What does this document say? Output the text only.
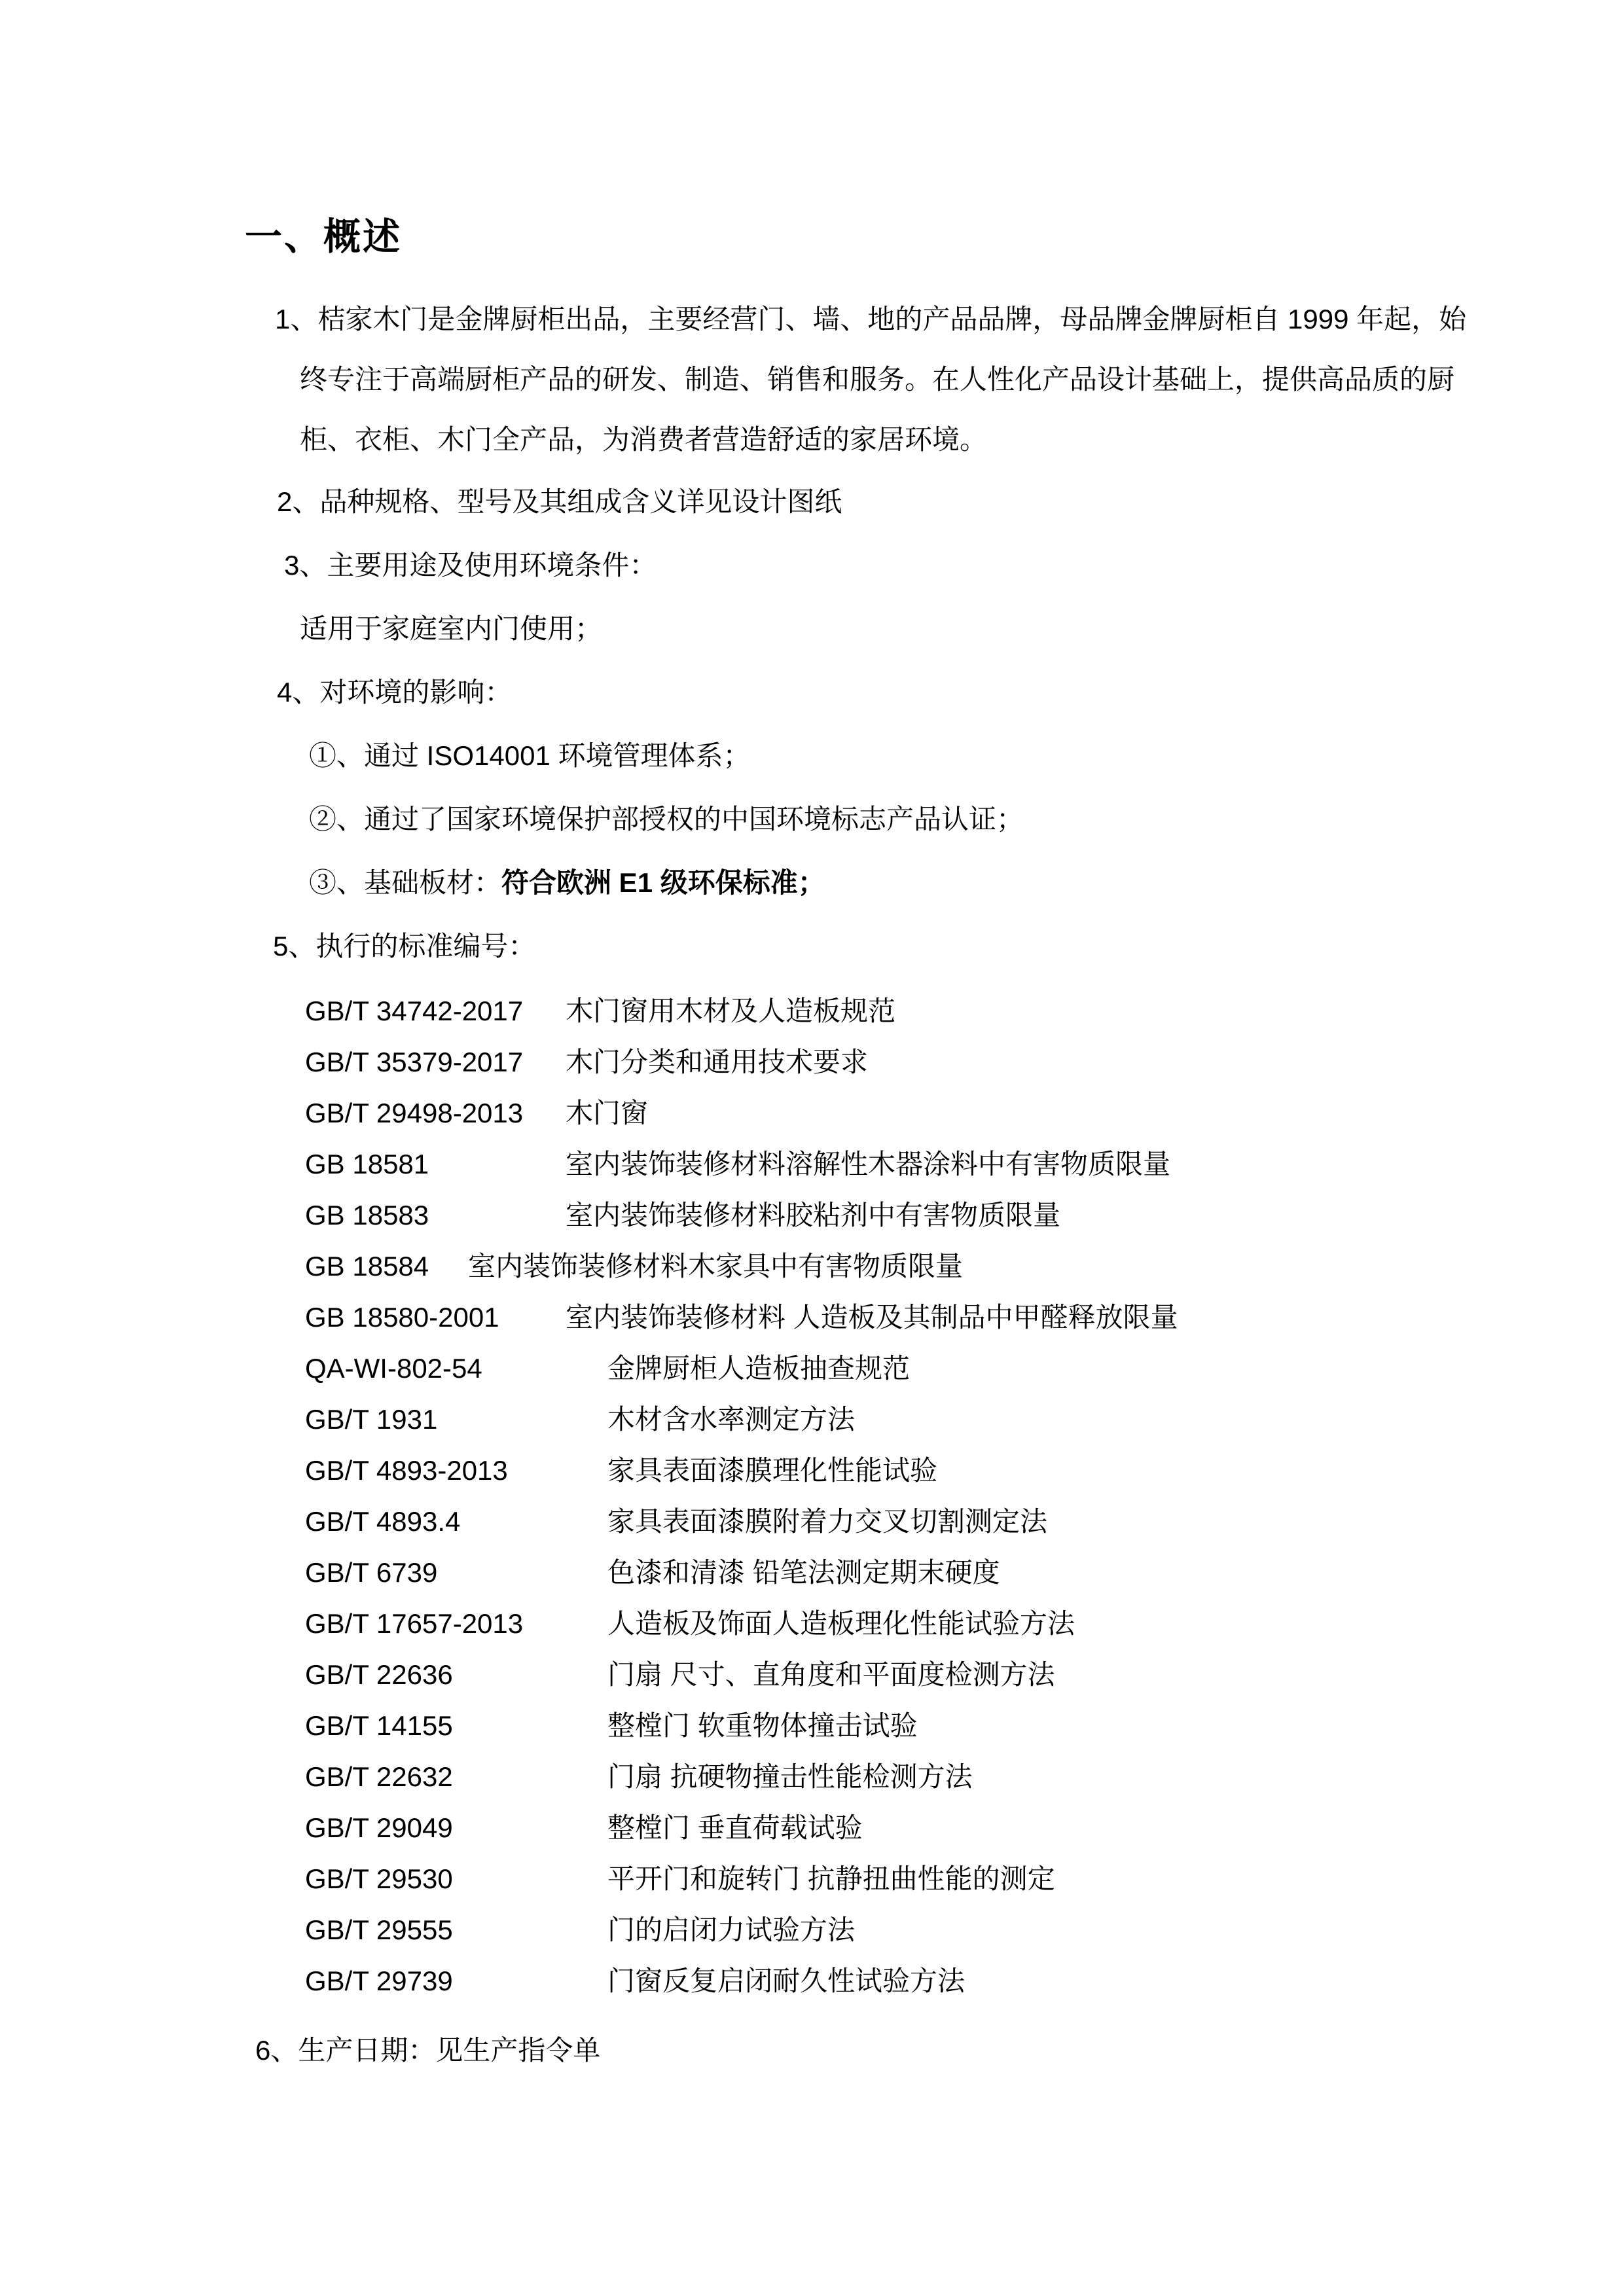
一、概述
1、桔家木门是金牌厨柜出品，主要经营门、墙、地的产品品牌，母品牌金牌厨柜自 1999 年起，始
终专注于高端厨柜产品的研发、制造、销售和服务。在人性化产品设计基础上，提供高品质的厨
柜、衣柜、木门全产品，为消费者营造舒适的家居环境。
2、品种规格、型号及其组成含义详见设计图纸
3、主要用途及使用环境条件：
适用于家庭室内门使用；
4、对环境的影响：
①、通过 ISO14001 环境管理体系；
②、通过了国家环境保护部授权的中国环境标志产品认证；
③、基础板材：符合欧洲 E1 级环保标准；
5、执行的标准编号：
GB/T 34742-2017	木门窗用木材及人造板规范
GB/T 35379-2017	木门分类和通用技术要求
GB/T 29498-2013	木门窗
GB 18581	室内装饰装修材料溶解性木器涂料中有害物质限量
GB 18583	室内装饰装修材料胶粘剂中有害物质限量
GB 18584	室内装饰装修材料木家具中有害物质限量
GB 18580-2001	室内装饰装修材料 人造板及其制品中甲醛释放限量
QA-WI-802-54	金牌厨柜人造板抽查规范
GB/T 1931	木材含水率测定方法
GB/T 4893-2013	家具表面漆膜理化性能试验
GB/T 4893.4	家具表面漆膜附着力交叉切割测定法
GB/T 6739	色漆和清漆 铅笔法测定期末硬度
GB/T 17657-2013	人造板及饰面人造板理化性能试验方法
GB/T 22636	门扇 尺寸、直角度和平面度检测方法
GB/T 14155	整樘门 软重物体撞击试验
GB/T 22632	门扇 抗硬物撞击性能检测方法
GB/T 29049	整樘门 垂直荷载试验
GB/T 29530	平开门和旋转门 抗静扭曲性能的测定
GB/T 29555	门的启闭力试验方法
GB/T 29739	门窗反复启闭耐久性试验方法
6、生产日期：见生产指令单
